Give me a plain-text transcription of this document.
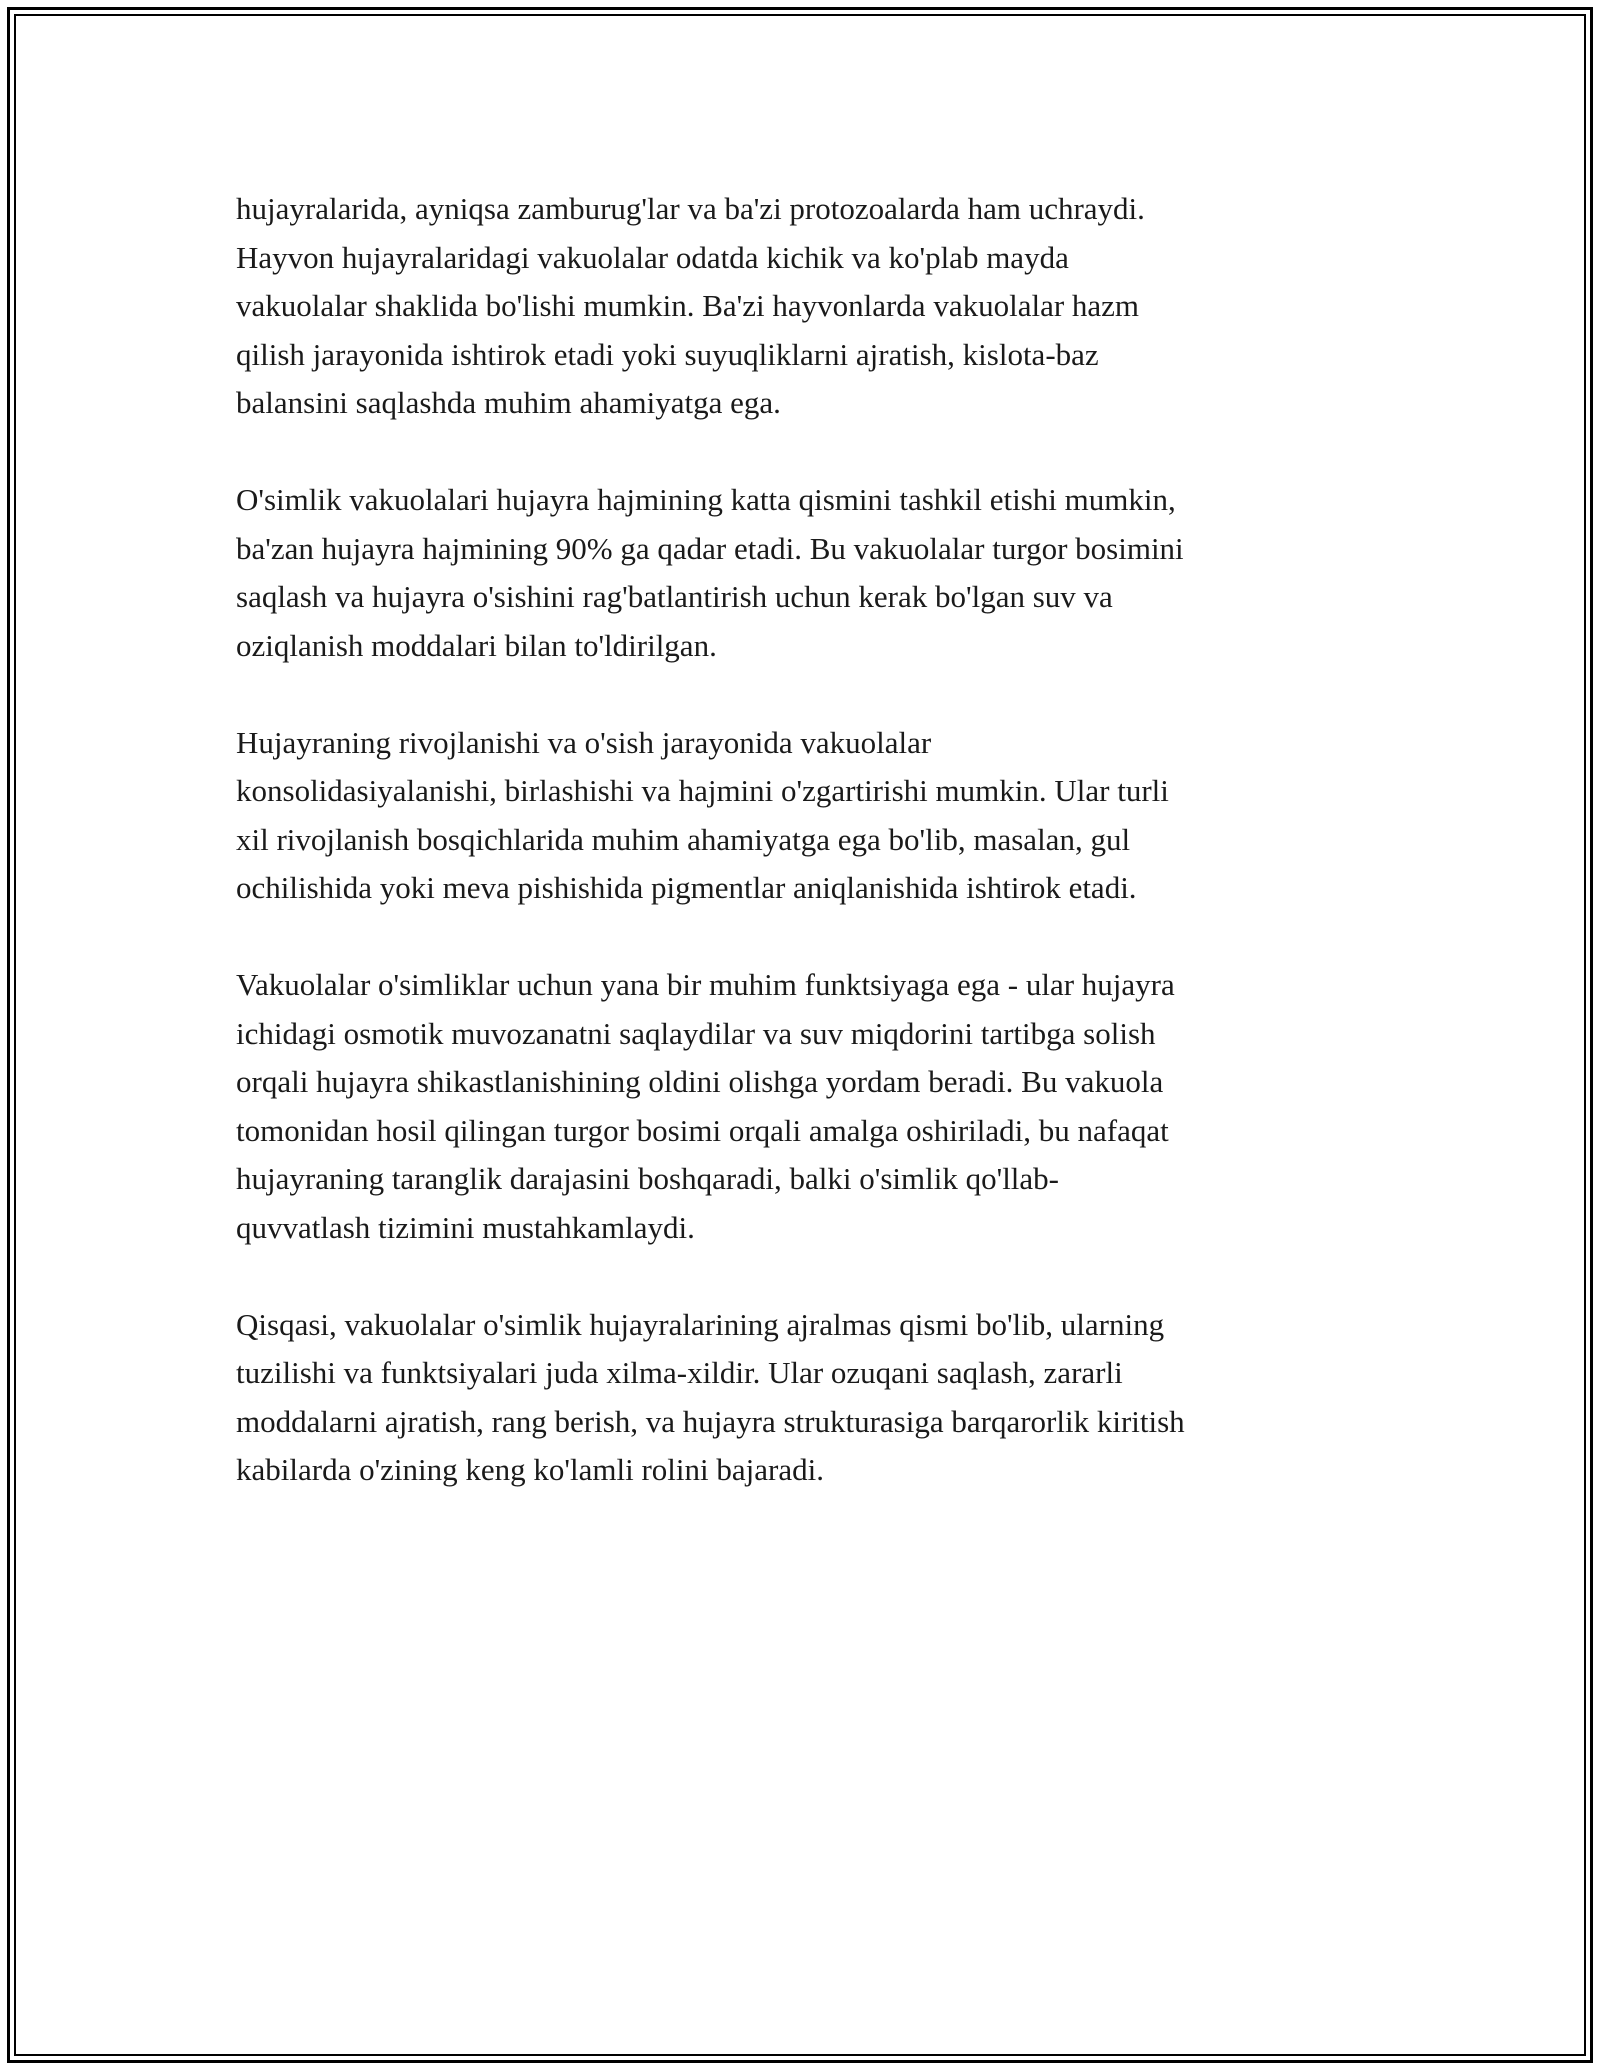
hujayralarida, ayniqsa zamburug'lar va ba'zi protozoalarda ham uchraydi.
Hayvon hujayralaridagi vakuolalar odatda kichik va ko'plab mayda
vakuolalar shaklida bo'lishi mumkin. Ba'zi hayvonlarda vakuolalar hazm
qilish jarayonida ishtirok etadi yoki suyuqliklarni ajratish, kislota-baz
balansini saqlashda muhim ahamiyatga ega.

O'simlik vakuolalari hujayra hajmining katta qismini tashkil etishi mumkin,
ba'zan hujayra hajmining 90% ga qadar etadi. Bu vakuolalar turgor bosimini
saqlash va hujayra o'sishini rag'batlantirish uchun kerak bo'lgan suv va
oziqlanish moddalari bilan to'ldirilgan.

Hujayraning rivojlanishi va o'sish jarayonida vakuolalar
konsolidasiyalanishi, birlashishi va hajmini o'zgartirishi mumkin. Ular turli
xil rivojlanish bosqichlarida muhim ahamiyatga ega bo'lib, masalan, gul
ochilishida yoki meva pishishida pigmentlar aniqlanishida ishtirok etadi.

Vakuolalar o'simliklar uchun yana bir muhim funktsiyaga ega - ular hujayra
ichidagi osmotik muvozanatni saqlaydilar va suv miqdorini tartibga solish
orqali hujayra shikastlanishining oldini olishga yordam beradi. Bu vakuola
tomonidan hosil qilingan turgor bosimi orqali amalga oshiriladi, bu nafaqat
hujayraning taranglik darajasini boshqaradi, balki o'simlik qo'llab-
quvvatlash tizimini mustahkamlaydi.

Qisqasi, vakuolalar o'simlik hujayralarining ajralmas qismi bo'lib, ularning
tuzilishi va funktsiyalari juda xilma-xildir. Ular ozuqani saqlash, zararli
moddalarni ajratish, rang berish, va hujayra strukturasiga barqarorlik kiritish
kabilarda o'zining keng ko'lamli rolini bajaradi.
